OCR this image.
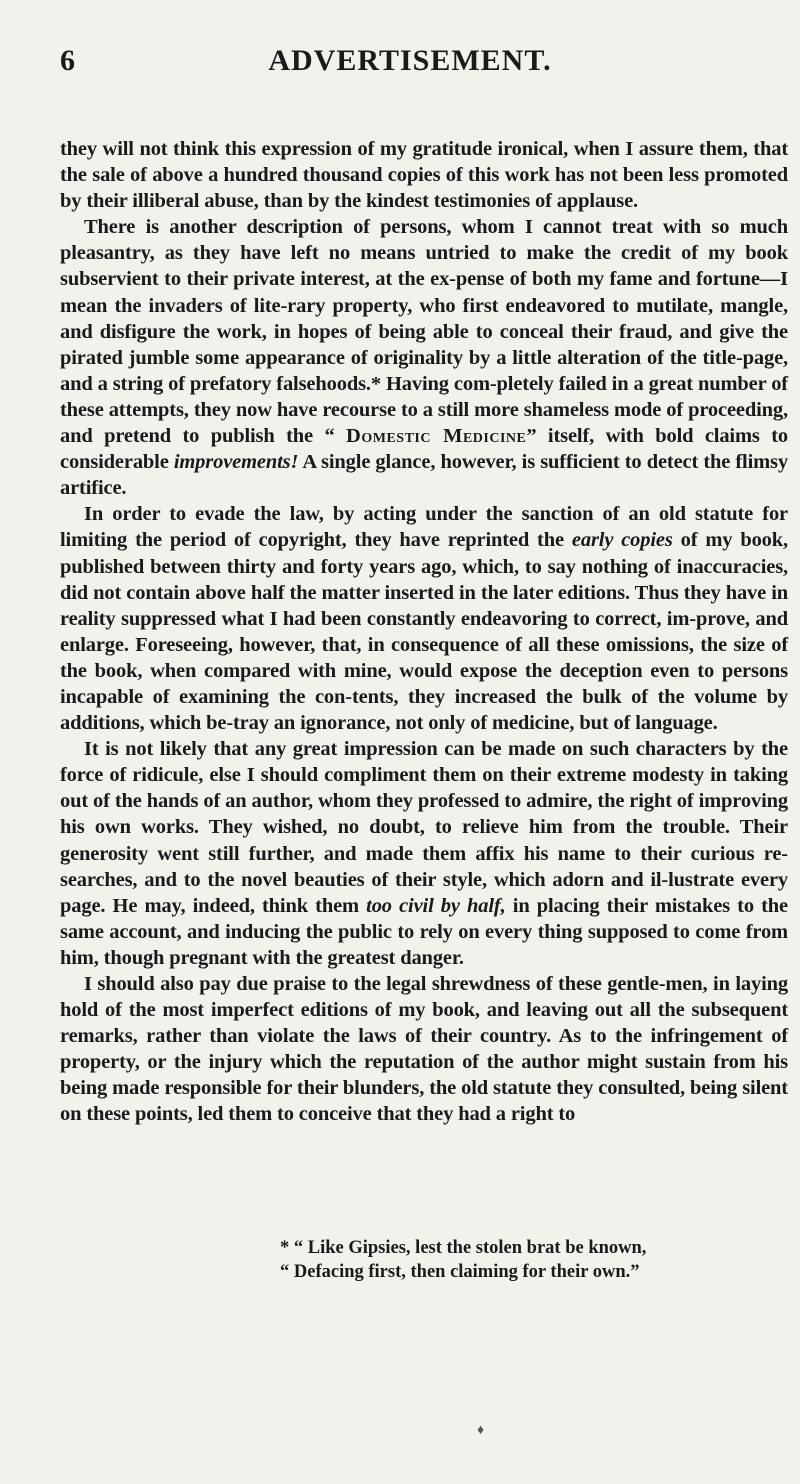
6	ADVERTISEMENT.

they will not think this expression of my gratitude ironical, when I assure them, that the sale of above a hundred thousand copies of this work has not been less promoted by their illiberal abuse, than by the kindest testimonies of applause.

There is another description of persons, whom I cannot treat with so much pleasantry, as they have left no means untried to make the credit of my book subservient to their private interest, at the ex-pense of both my fame and fortune—I mean the invaders of lite-rary property, who first endeavored to mutilate, mangle, and disfigure the work, in hopes of being able to conceal their fraud, and give the pirated jumble some appearance of originality by a little alteration of the title-page, and a string of prefatory falsehoods.* Having com-pletely failed in a great number of these attempts, they now have recourse to a still more shameless mode of proceeding, and pretend to publish the “ Domestic Medicine” itself, with bold claims to considerable improvements! A single glance, however, is sufficient to detect the flimsy artifice.

In order to evade the law, by acting under the sanction of an old statute for limiting the period of copyright, they have reprinted the early copies of my book, published between thirty and forty years ago, which, to say nothing of inaccuracies, did not contain above half the matter inserted in the later editions. Thus they have in reality suppressed what I had been constantly endeavoring to correct, im-prove, and enlarge. Foreseeing, however, that, in consequence of all these omissions, the size of the book, when compared with mine, would expose the deception even to persons incapable of examining the con-tents, they increased the bulk of the volume by additions, which be-tray an ignorance, not only of medicine, but of language.

It is not likely that any great impression can be made on such characters by the force of ridicule, else I should compliment them on their extreme modesty in taking out of the hands of an author, whom they professed to admire, the right of improving his own works. They wished, no doubt, to relieve him from the trouble. Their generosity went still further, and made them affix his name to their curious re-searches, and to the novel beauties of their style, which adorn and il-lustrate every page. He may, indeed, think them too civil by half, in placing their mistakes to the same account, and inducing the public to rely on every thing supposed to come from him, though pregnant with the greatest danger.

I should also pay due praise to the legal shrewdness of these gentle-men, in laying hold of the most imperfect editions of my book, and leaving out all the subsequent remarks, rather than violate the laws of their country. As to the infringement of property, or the injury which the reputation of the author might sustain from his being made responsible for their blunders, the old statute they consulted, being silent on these points, led them to conceive that they had a right to

* “ Like Gipsies, lest the stolen brat be known,
“ Defacing first, then claiming for their own.”
♦
